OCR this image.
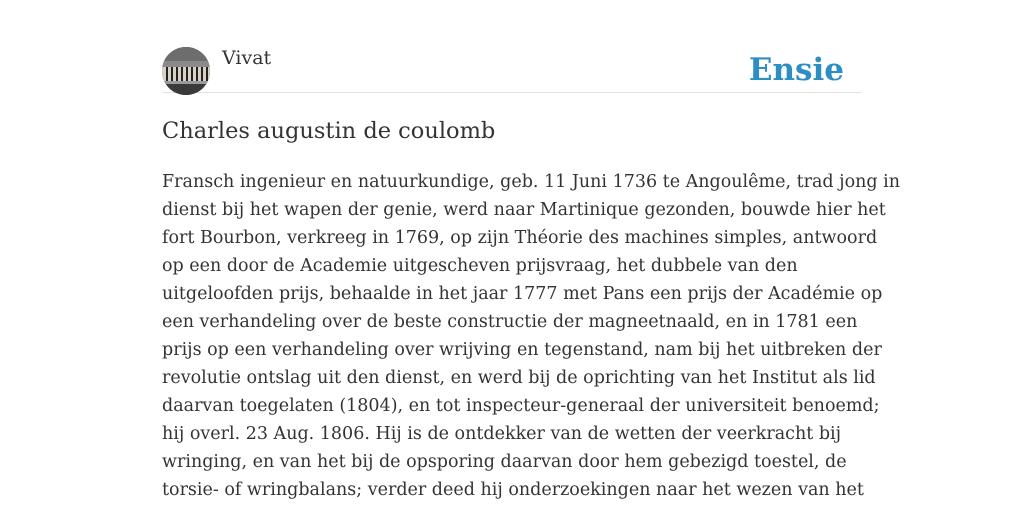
Vivat	Ensie
Charles augustin de coulomb
Fransch ingenieur en natuurkundige, geb. 11 Juni 1736 te Angoulême, trad jong in
dienst bij het wapen der genie, werd naar Martinique gezonden, bouwde hier het
fort Bourbon, verkreeg in 1769, op zijn Théorie des machines simples, antwoord
op een door de Academie uitgescheven prijsvraag, het dubbele van den
uitgeloofden prijs, behaalde in het jaar 1777 met Pans een prijs der Académie op
een verhandeling over de beste constructie der magneetnaald, en in 1781 een
prijs op een verhandeling over wrijving en tegenstand, nam bij het uitbreken der
revolutie ontslag uit den dienst, en werd bij de oprichting van het Institut als lid
daarvan toegelaten (1804), en tot inspecteur-generaal der universiteit benoemd;
hij overl. 23 Aug. 1806. Hij is de ontdekker van de wetten der veerkracht bij
wringing, en van het bij de opsporing daarvan door hem gebezigd toestel, de
torsie- of wringbalans; verder deed hij onderzoekingen naar het wezen van het
